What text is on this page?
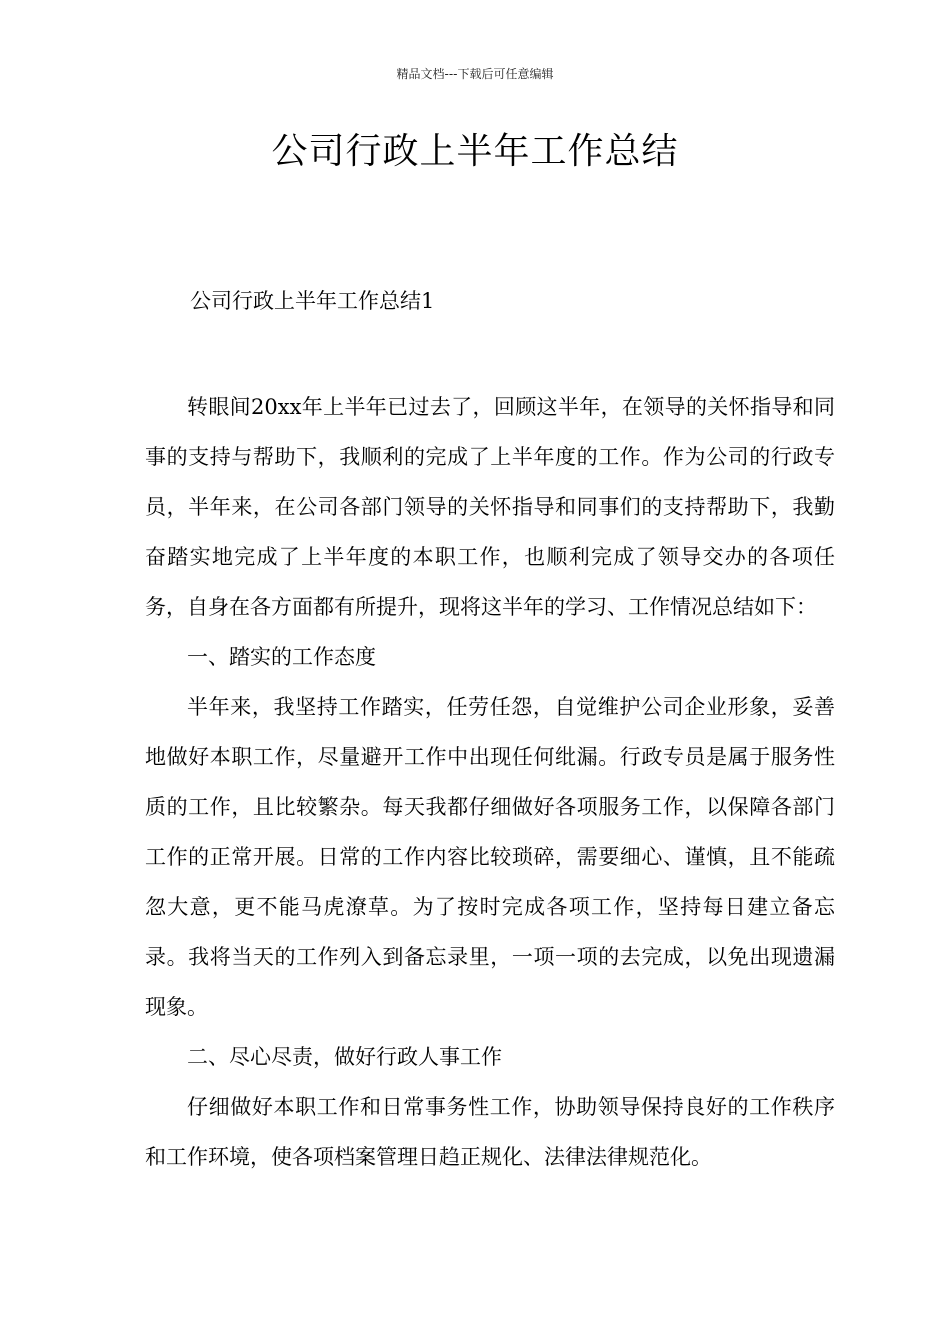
精品文档---下载后可任意编辑
公司行政上半年工作总结

公司行政上半年工作总结1

转眼间20xx年上半年已过去了，回顾这半年，在领导的关怀指导和同事的支持与帮助下，我顺利的完成了上半年度的工作。作为公司的行政专员，半年来，在公司各部门领导的关怀指导和同事们的支持帮助下，我勤奋踏实地完成了上半年度的本职工作，也顺利完成了领导交办的各项任务，自身在各方面都有所提升，现将这半年的学习、工作情况总结如下：

一、踏实的工作态度

半年来，我坚持工作踏实，任劳任怨，自觉维护公司企业形象，妥善地做好本职工作，尽量避开工作中出现任何纰漏。行政专员是属于服务性质的工作，且比较繁杂。每天我都仔细做好各项服务工作，以保障各部门工作的正常开展。日常的工作内容比较琐碎，需要细心、谨慎，且不能疏忽大意，更不能马虎潦草。为了按时完成各项工作，坚持每日建立备忘录。我将当天的工作列入到备忘录里，一项一项的去完成，以免出现遗漏现象。

二、尽心尽责，做好行政人事工作

仔细做好本职工作和日常事务性工作，协助领导保持良好的工作秩序和工作环境，使各项档案管理日趋正规化、法律法律规范化。
